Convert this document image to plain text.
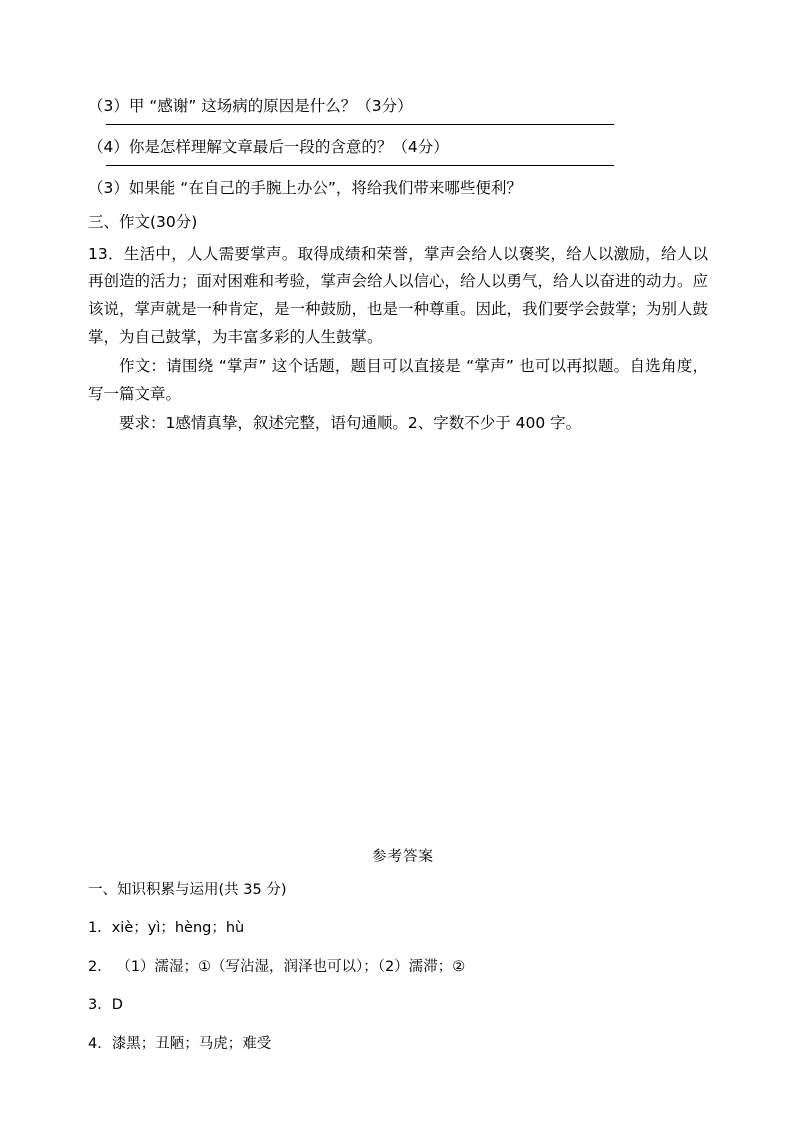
（3）甲 “感谢” 这场病的原因是什么？（3分）

（4）你是怎样理解文章最后一段的含意的？（4分）

（3）如果能 “在自己的手腕上办公”，将给我们带来哪些便利？

三、作文(30分)

13．生活中，人人需要掌声。取得成绩和荣誉，掌声会给人以褒奖，给人以激励，给人以再创造的活力；面对困难和考验，掌声会给人以信心，给人以勇气，给人以奋进的动力。应该说，掌声就是一种肯定，是一种鼓励，也是一种尊重。因此，我们要学会鼓掌；为别人鼓掌，为自己鼓掌，为丰富多彩的人生鼓掌。

作文：请围绕 “掌声” 这个话题，题目可以直接是 “掌声” 也可以再拟题。自选角度，写一篇文章。

要求：1感情真挚，叙述完整，语句通顺。2、字数不少于 400 字。

参考答案

一、知识积累与运用(共 35 分)

1．xiè；yì；hèng；hù

2． （1）濡湿；①（写沾湿，润泽也可以）；（2）濡滞；②

3．D

4．漆黑；丑陋；马虎；难受
